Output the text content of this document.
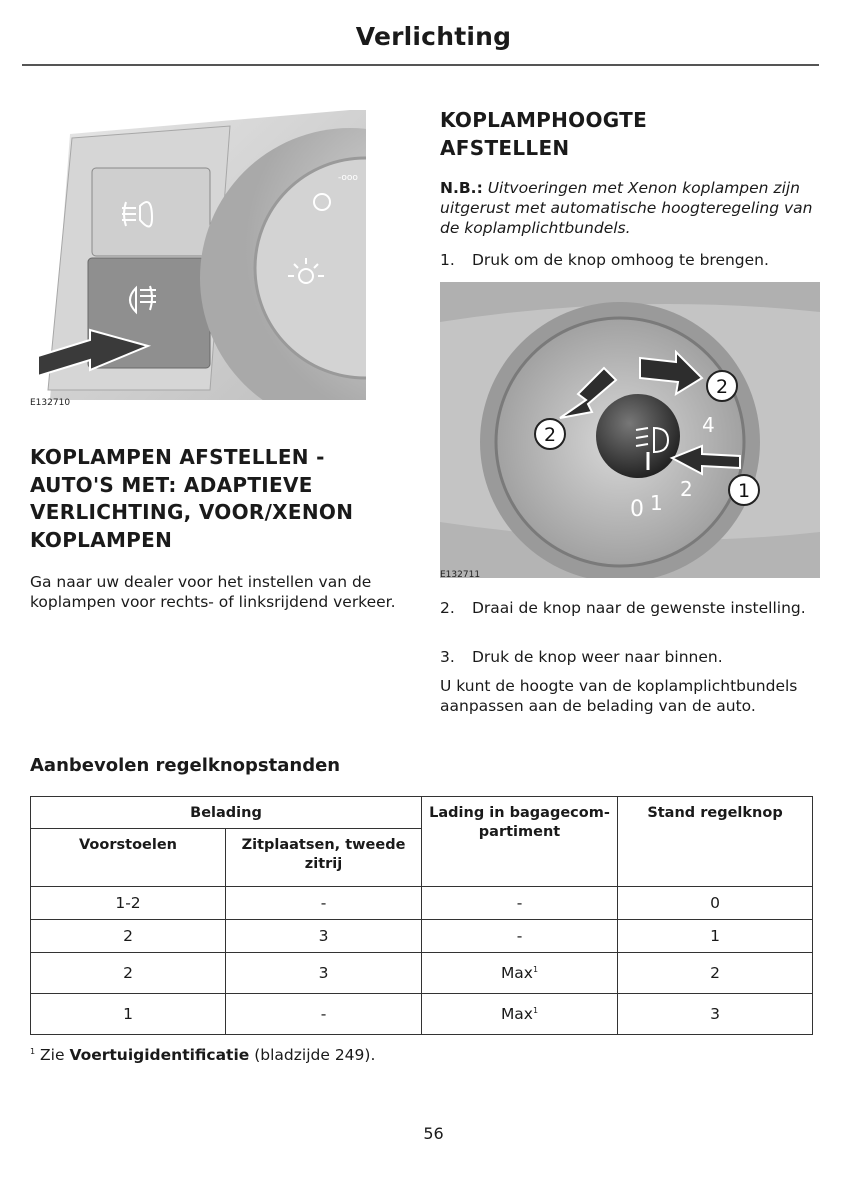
Verlichting
-ooo
E132710
KOPLAMPHOOGTE
AFSTELLEN
N.B.: Uitvoeringen met Xenon koplampen zijn uitgerust met automatische hoogteregeling van de koplamplichtbundels.
1. Druk om de knop omhoog te brengen.
0 1
2
4
2
2
1
E132711
2. Draai de knop naar de gewenste instelling.
3. Druk de knop weer naar binnen.
U kunt de hoogte van de koplamplichtbundels aanpassen aan de belading van de auto.
KOPLAMPEN AFSTELLEN -
AUTO'S MET: ADAPTIEVE
VERLICHTING, VOOR/XENON
KOPLAMPEN
Ga naar uw dealer voor het instellen van de koplampen voor rechts- of linksrijdend verkeer.
Aanbevolen regelknopstanden
Belading		Lading in bagagecom-partiment	Stand regelknop
Voorstoelen	Zitplaatsen, tweede zitrij		
1-2	-	-	0
2	3	-	1
2	3	Max$^1$	2
1	-	Max$^1$	3
$^1$ Zie Voertuigidentificatie (bladzijde 249).
56
